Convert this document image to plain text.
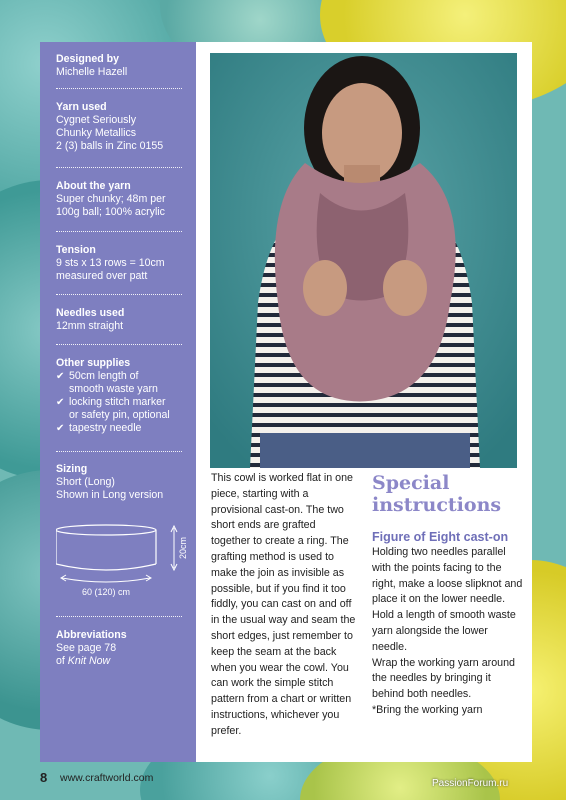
Designed by
Michelle Hazell
Yarn used
Cygnet Seriously
Chunky Metallics
2 (3) balls in Zinc 0155
About the yarn
Super chunky; 48m per
100g ball; 100% acrylic
Tension
9 sts x 13 rows = 10cm
measured over patt
Needles used
12mm straight
Other supplies
✔ 50cm length of
smooth waste yarn
✔ locking stitch marker
or safety pin, optional
✔ tapestry needle
Sizing
Short (Long)
Shown in Long version
20cm
60 (120) cm
Abbreviations
See page 78
of Knit Now
This cowl is worked flat in one piece, starting with a provisional cast-on. The two short ends are grafted together to create a ring. The grafting method is used to make the join as invisible as possible, but if you find it too fiddly, you can cast on and off in the usual way and seam the short edges, just remember to keep the seam at the back when you wear the cowl. You can work the simple stitch pattern from a chart or written instructions, whichever you prefer.
Special
instructions
Figure of Eight cast-on
Holding two needles parallel with the points facing to the right, make a loose slipknot and place it on the lower needle.
Hold a length of smooth waste yarn alongside the lower needle.
Wrap the working yarn around the needles by bringing it behind both needles.
*Bring the working yarn
8 www.craftworld.com	PassionForum.ru
